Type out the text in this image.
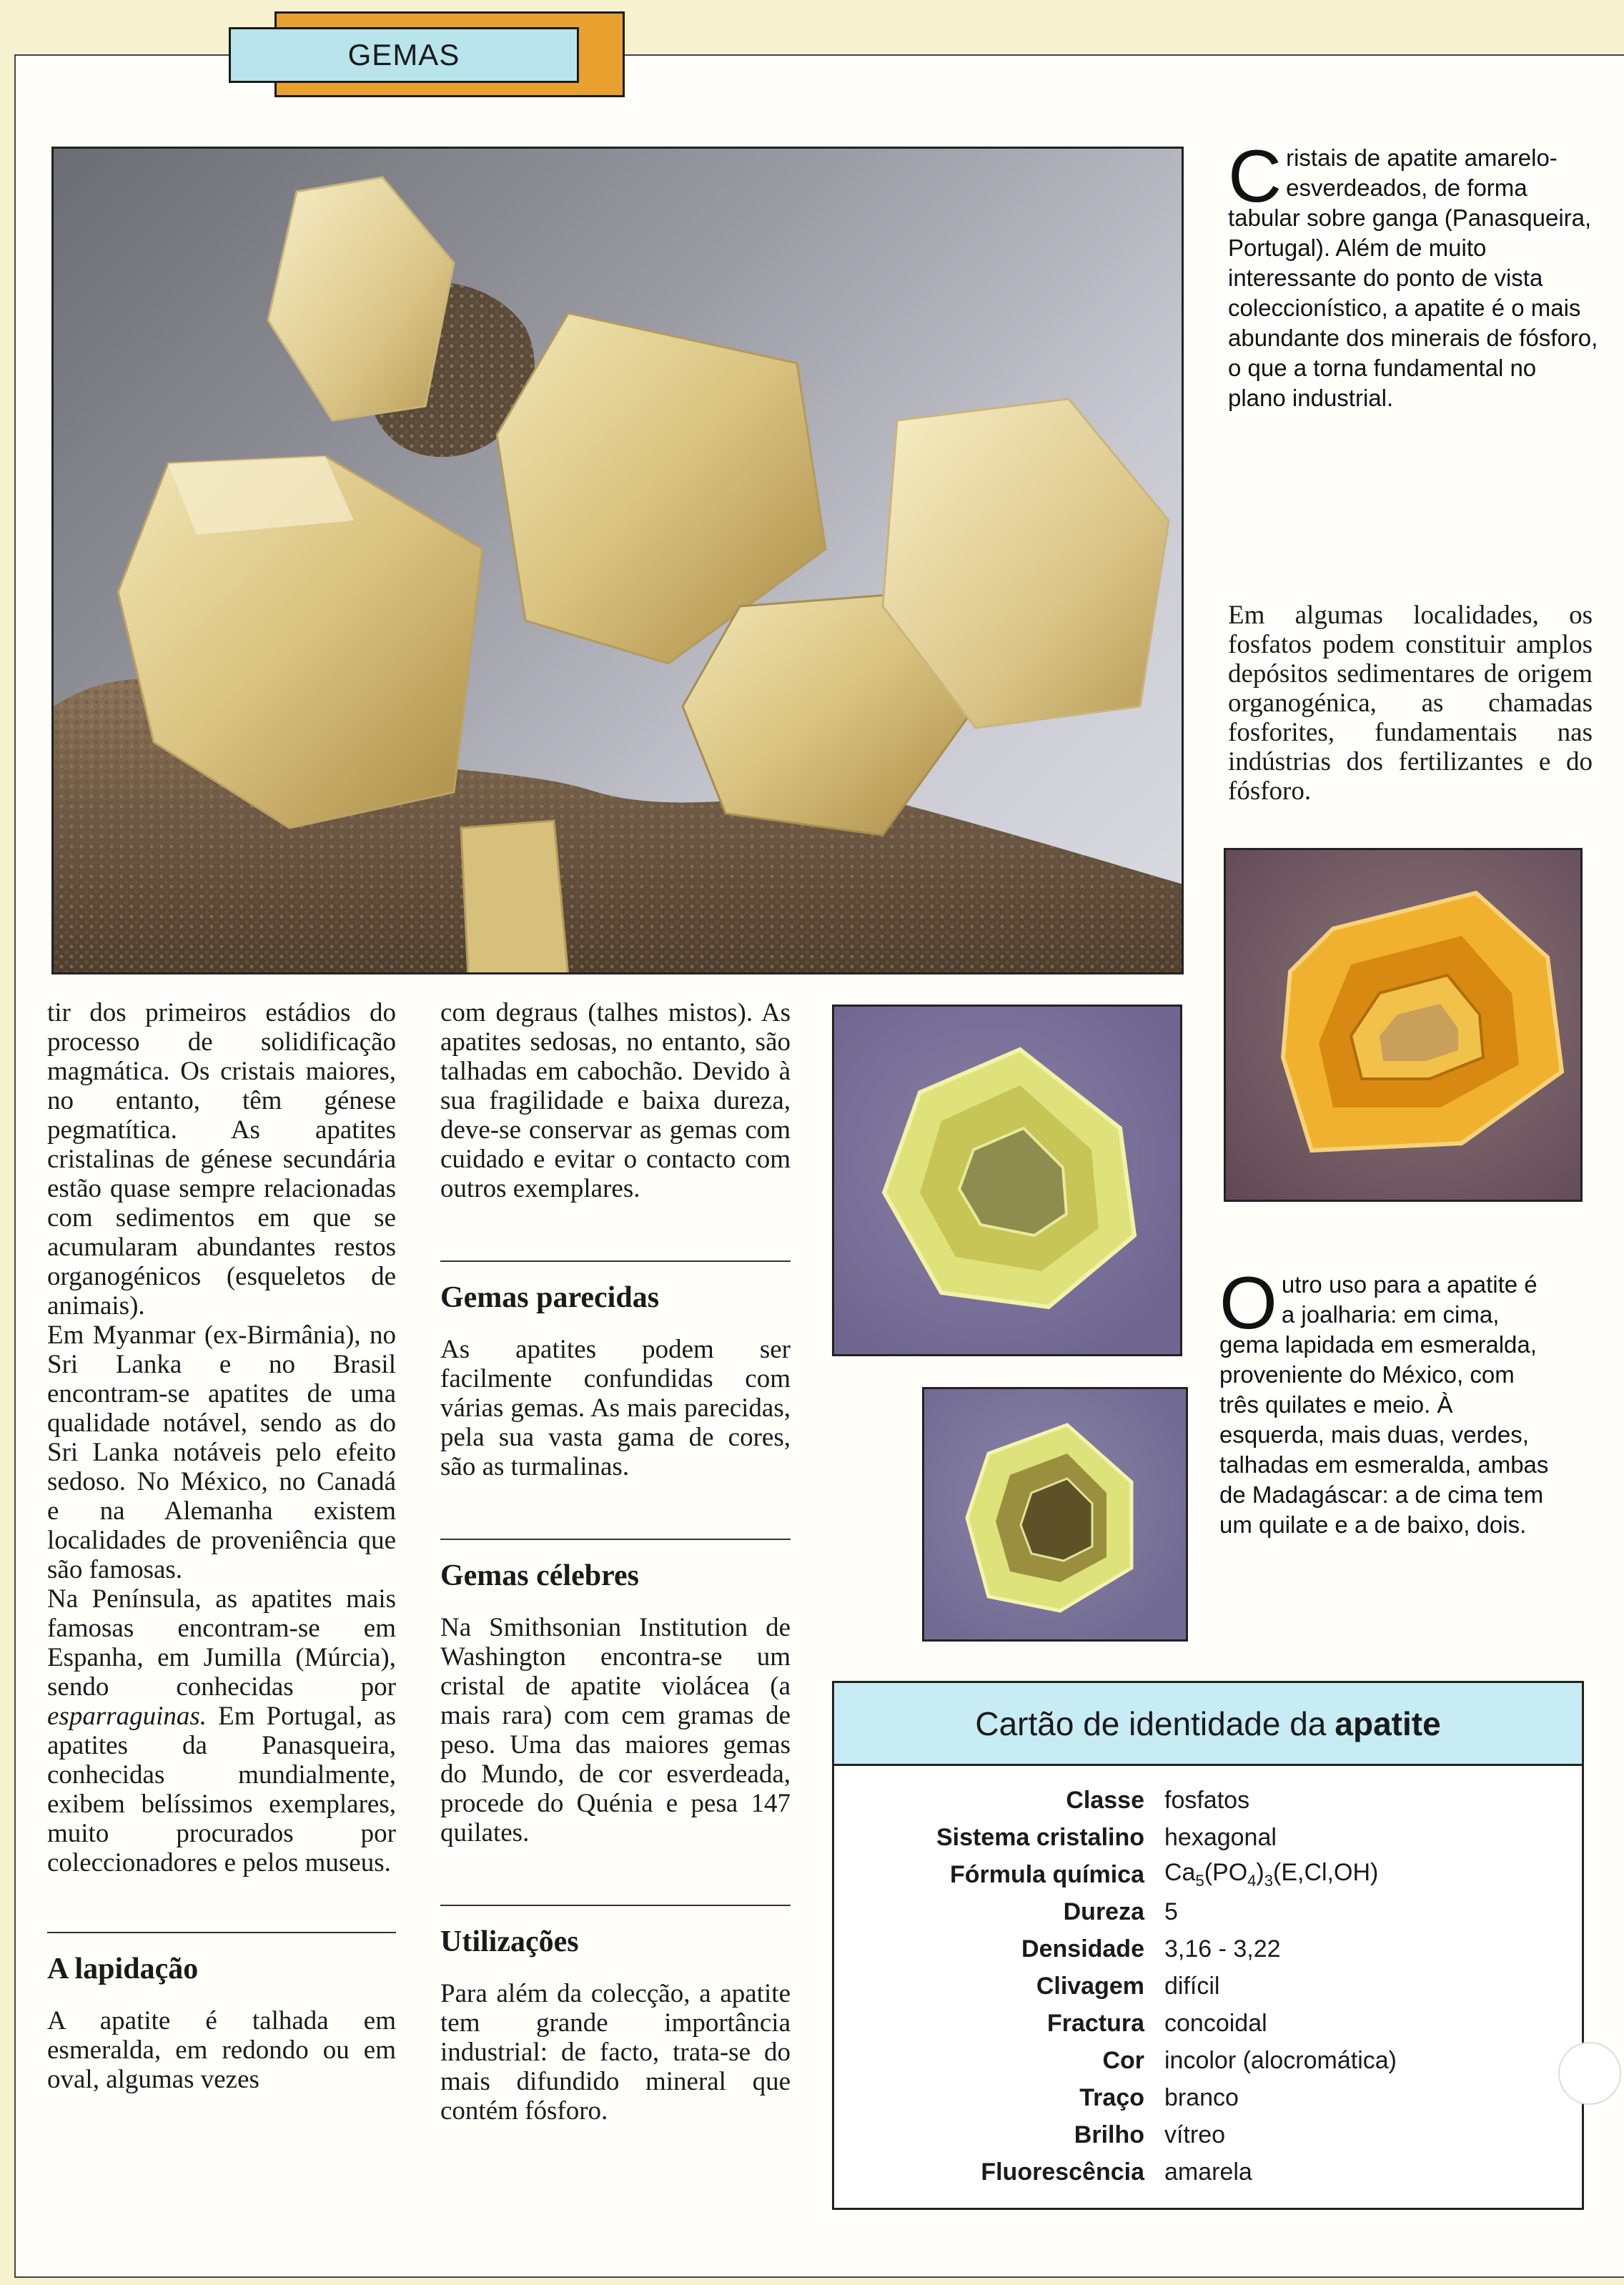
GEMAS
Cristais de apatite amarelo-esverdeados, de forma tabular sobre ganga (Panasqueira, Portugal). Além de muito interessante do ponto de vista coleccionístico, a apatite é o mais abundante dos minerais de fósforo, o que a torna fundamental no plano industrial.
Em algumas localidades, os fosfatos podem constituir amplos depósitos sedimentares de origem organogénica, as chamadas fosforites, fundamentais nas indústrias dos fertilizantes e do fósforo.
Outro uso para a apatite é a joalharia: em cima, gema lapidada em esmeralda, proveniente do México, com três quilates e meio. À esquerda, mais duas, verdes, talhadas em esmeralda, ambas de Madagáscar: a de cima tem um quilate e a de baixo, dois.

tir dos primeiros estádios do processo de solidificação magmática. Os cristais maiores, no entanto, têm génese pegmatítica. As apatites cristalinas de génese secundária estão quase sempre relacionadas com sedimentos em que se acumularam abundantes restos organogénicos (esqueletos de animais).

Em Myanmar (ex-Birmânia), no Sri Lanka e no Brasil encontram-se apatites de uma qualidade notável, sendo as do Sri Lanka notáveis pelo efeito sedoso. No México, no Canadá e na Alemanha existem localidades de proveniência que são famosas.

Na Península, as apatites mais famosas encontram-se em Espanha, em Jumilla (Múrcia), sendo conhecidas por esparraguinas. Em Portugal, as apatites da Panasqueira, conhecidas mundialmente, exibem belíssimos exemplares, muito procurados por coleccionadores e pelos museus.

A lapidação

A apatite é talhada em esmeralda, em redondo ou em oval, algumas vezes

com degraus (talhes mistos). As apatites sedosas, no entanto, são talhadas em cabochão. Devido à sua fragilidade e baixa dureza, deve-se conservar as gemas com cuidado e evitar o contacto com outros exemplares.

Gemas parecidas

As apatites podem ser facilmente confundidas com várias gemas. As mais parecidas, pela sua vasta gama de cores, são as turmalinas.

Gemas célebres

Na Smithsonian Institution de Washington encontra-se um cristal de apatite violácea (a mais rara) com cem gramas de peso. Uma das maiores gemas do Mundo, de cor esverdeada, procede do Quénia e pesa 147 quilates.

Utilizações

Para além da colecção, a apatite tem grande importância industrial: de facto, trata-se do mais difundido mineral que contém fósforo.

Cartão de identidade da apatite
Classe fosfatos
Sistema cristalino hexagonal
Fórmula química $Ca_5(PO_4)_3(E,Cl,OH)$
Dureza 5
Densidade 3,16 - 3,22
Clivagem difícil
Fractura concoidal
Cor incolor (alocromática)
Traço branco
Brilho vítreo
Fluorescência amarela
